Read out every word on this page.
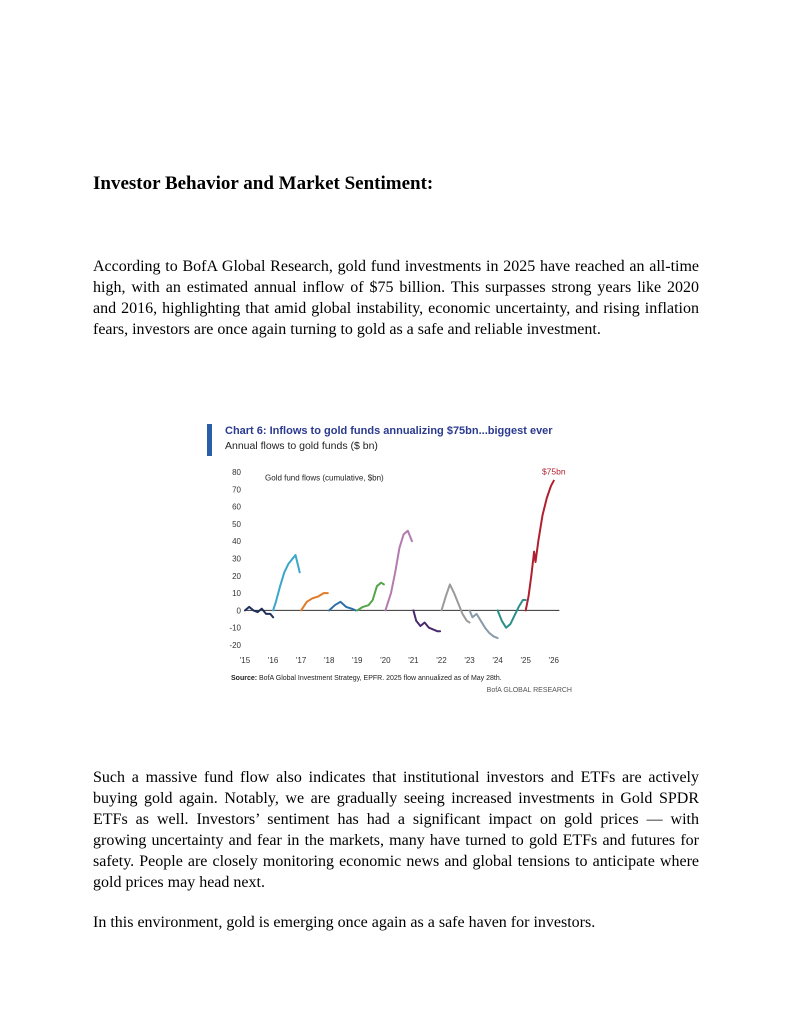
Investor Behavior and Market Sentiment:

According to BofA Global Research, gold fund investments in 2025 have reached an all-time high, with an estimated annual inflow of $75 billion. This surpasses strong years like 2020 and 2016, highlighting that amid global instability, economic uncertainty, and rising inflation fears, investors are once again turning to gold as a safe and reliable investment.

Chart 6: Inflows to gold funds annualizing $75bn...biggest ever
Annual flows to gold funds ($ bn)
-20
-10
0
10
20
30
40
50
60
70
80
'15 '16 '17 '18 '19 '20 '21 '22 '23 '24 '25 '26
Gold fund flows (cumulative, $bn)
$75bn
Source: BofA Global Investment Strategy, EPFR. 2025 flow annualized as of May 28th.
BofA GLOBAL RESEARCH

Such a massive fund flow also indicates that institutional investors and ETFs are actively buying gold again. Notably, we are gradually seeing increased investments in Gold SPDR ETFs as well. Investors’ sentiment has had a significant impact on gold prices — with growing uncertainty and fear in the markets, many have turned to gold ETFs and futures for safety. People are closely monitoring economic news and global tensions to anticipate where gold prices may head next.

In this environment, gold is emerging once again as a safe haven for investors.
